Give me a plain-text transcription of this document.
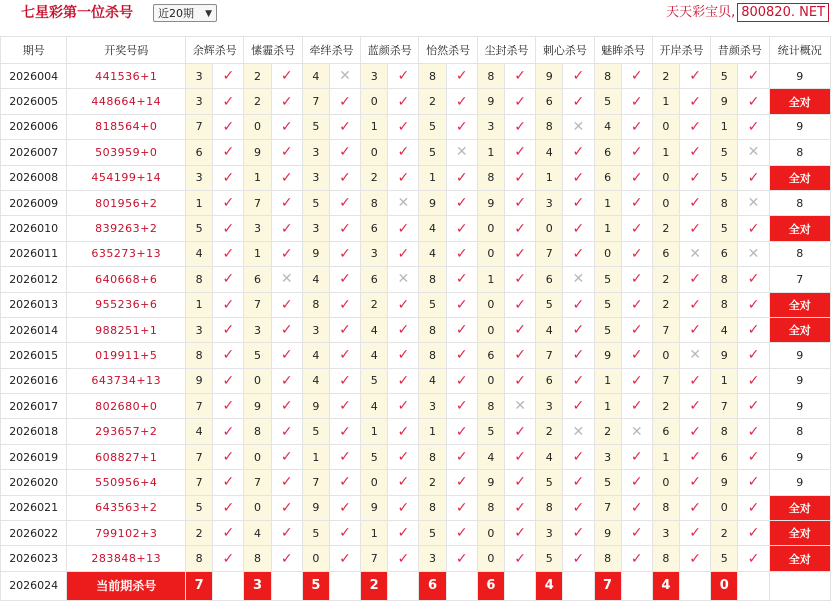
七星彩第一位杀号	近20期 ▼	天天彩宝贝, 800820. NET
期号	开奖号码	余辉杀号		愫霾杀号		牵绊杀号		蓝颜杀号		怡然杀号		尘封杀号		刺心杀号		魅眸杀号		开岸杀号		昔颜杀号		统计概况
2026004	441536+1	3	✓	2	✓	4	✕	3	✓	8	✓	8	✓	9	✓	8	✓	2	✓	5	✓	9
2026005	448664+14	3	✓	2	✓	7	✓	0	✓	2	✓	9	✓	6	✓	5	✓	1	✓	9	✓	全对
2026006	818564+0	7	✓	0	✓	5	✓	1	✓	5	✓	3	✓	8	✕	4	✓	0	✓	1	✓	9
2026007	503959+0	6	✓	9	✓	3	✓	0	✓	5	✕	1	✓	4	✓	6	✓	1	✓	5	✕	8
2026008	454199+14	3	✓	1	✓	3	✓	2	✓	1	✓	8	✓	1	✓	6	✓	0	✓	5	✓	全对
2026009	801956+2	1	✓	7	✓	5	✓	8	✕	9	✓	9	✓	3	✓	1	✓	0	✓	8	✕	8
2026010	839263+2	5	✓	3	✓	3	✓	6	✓	4	✓	0	✓	0	✓	1	✓	2	✓	5	✓	全对
2026011	635273+13	4	✓	1	✓	9	✓	3	✓	4	✓	0	✓	7	✓	0	✓	6	✕	6	✕	8
2026012	640668+6	8	✓	6	✕	4	✓	6	✕	8	✓	1	✓	6	✕	5	✓	2	✓	8	✓	7
2026013	955236+6	1	✓	7	✓	8	✓	2	✓	5	✓	0	✓	5	✓	5	✓	2	✓	8	✓	全对
2026014	988251+1	3	✓	3	✓	3	✓	4	✓	8	✓	0	✓	4	✓	5	✓	7	✓	4	✓	全对
2026015	019911+5	8	✓	5	✓	4	✓	4	✓	8	✓	6	✓	7	✓	9	✓	0	✕	9	✓	9
2026016	643734+13	9	✓	0	✓	4	✓	5	✓	4	✓	0	✓	6	✓	1	✓	7	✓	1	✓	9
2026017	802680+0	7	✓	9	✓	9	✓	4	✓	3	✓	8	✕	3	✓	1	✓	2	✓	7	✓	9
2026018	293657+2	4	✓	8	✓	5	✓	1	✓	1	✓	5	✓	2	✕	2	✕	6	✓	8	✓	8
2026019	608827+1	7	✓	0	✓	1	✓	5	✓	8	✓	4	✓	4	✓	3	✓	1	✓	6	✓	9
2026020	550956+4	7	✓	7	✓	7	✓	0	✓	2	✓	9	✓	5	✓	5	✓	0	✓	9	✓	9
2026021	643563+2	5	✓	0	✓	9	✓	9	✓	8	✓	8	✓	8	✓	7	✓	8	✓	0	✓	全对
2026022	799102+3	2	✓	4	✓	5	✓	1	✓	5	✓	0	✓	3	✓	9	✓	3	✓	2	✓	全对
2026023	283848+13	8	✓	8	✓	0	✓	7	✓	3	✓	0	✓	5	✓	8	✓	8	✓	5	✓	全对
2026024	当前期杀号	7		3		5		2		6		6		4		7		4		0		
